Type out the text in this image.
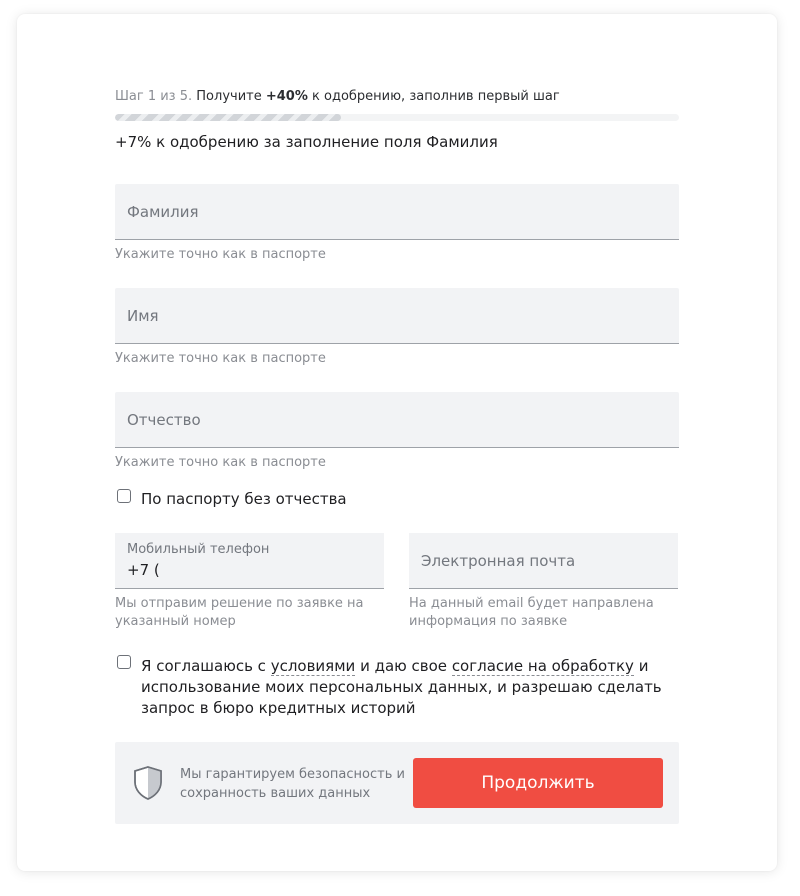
Шаг 1 из 5. Получите +40% к одобрению, заполнив первый шаг
+7% к одобрению за заполнение поля Фамилия
Фамилия
Укажите точно как в паспорте
Имя
Укажите точно как в паспорте
Отчество
Укажите точно как в паспорте
По паспорту без отчества
Мобильный телефон
+7 (
Мы отправим решение по заявке на указанный номер
Электронная почта
На данный email будет направлена информация по заявке
Я соглашаюсь с условиями и даю свое согласие на обработку и использование моих персональных данных, и разрешаю сделать запрос в бюро кредитных историй
Мы гарантируем безопасность и сохранность ваших данных
Продолжить
